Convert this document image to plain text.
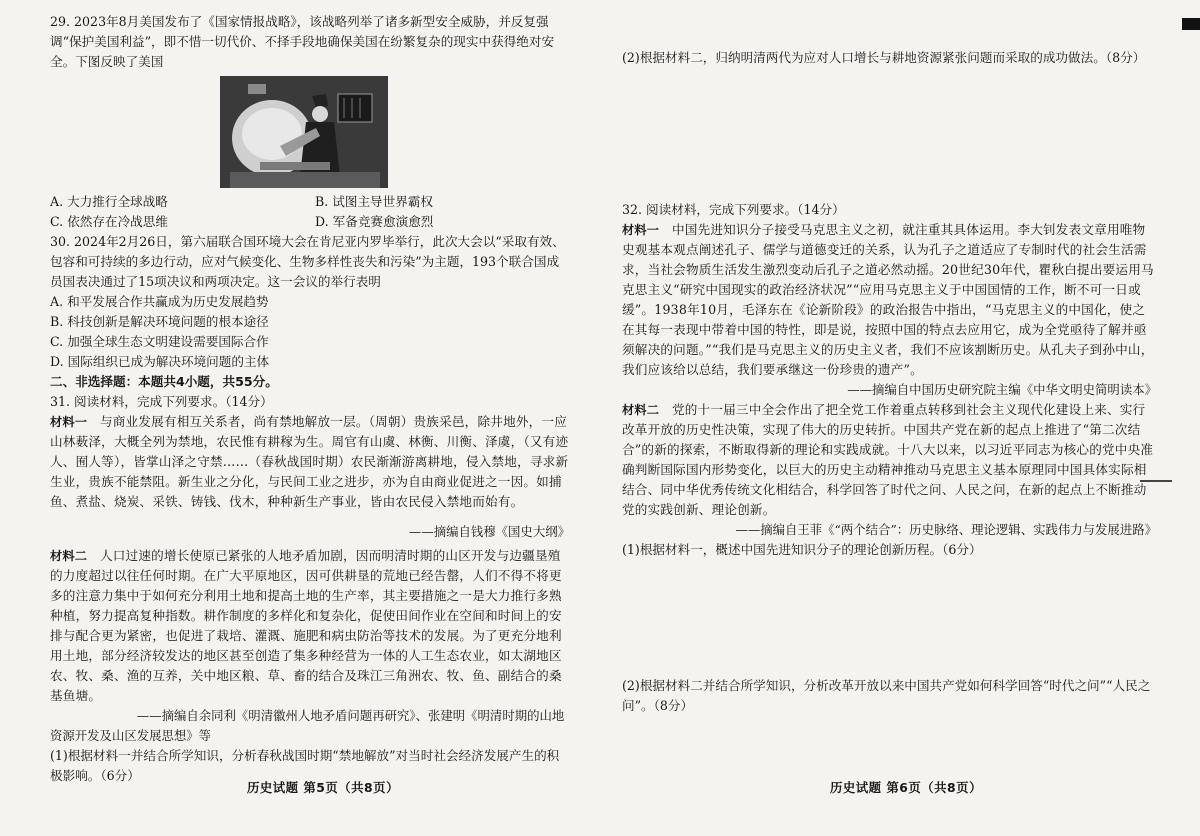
29. 2023年8月美国发布了《国家情报战略》，该战略列举了诸多新型安全威胁，并反复强调“保护美国利益”，即不惜一切代价、不择手段地确保美国在纷繁复杂的现实中获得绝对安全。下图反映了美国

A. 大力推行全球战略	B. 试图主导世界霸权
C. 依然存在冷战思维	D. 军备竞赛愈演愈烈

30. 2024年2月26日，第六届联合国环境大会在肯尼亚内罗毕举行，此次大会以“采取有效、包容和可持续的多边行动，应对气候变化、生物多样性丧失和污染”为主题，193个联合国成员国表决通过了15项决议和两项决定。这一会议的举行表明

A. 和平发展合作共赢成为历史发展趋势
B. 科技创新是解决环境问题的根本途径
C. 加强全球生态文明建设需要国际合作
D. 国际组织已成为解决环境问题的主体

二、非选择题：本题共4小题，共55分。

31. 阅读材料，完成下列要求。（14分）

材料一　 与商业发展有相互关系者，尚有禁地解放一层。（周朝）贵族采邑，除井地外，一应山林薮泽，大概全列为禁地，农民惟有耕稼为生。周官有山虞、林衡、川衡、泽虞，（又有迹人、囿人等），皆掌山泽之守禁……（春秋战国时期）农民渐渐游离耕地，侵入禁地，寻求新生业，贵族不能禁阻。新生业之分化，与民间工业之进步，亦为自由商业促进之一因。如捕鱼、煮盐、烧炭、采铁、铸钱、伐木，种种新生产事业，皆由农民侵入禁地而始有。

——摘编自钱穆《国史大纲》

材料二　 人口过速的增长使原已紧张的人地矛盾加剧，因而明清时期的山区开发与边疆垦殖的力度超过以往任何时期。在广大平原地区，因可供耕垦的荒地已经告罄，人们不得不将更多的注意力集中于如何充分利用土地和提高土地的生产率，其主要措施之一是大力推行多熟种植，努力提高复种指数。耕作制度的多样化和复杂化，促使田间作业在空间和时间上的安排与配合更为紧密，也促进了栽培、灌溉、施肥和病虫防治等技术的发展。为了更充分地利用土地，部分经济较发达的地区甚至创造了集多种经营为一体的人工生态农业，如太湖地区农、牧、桑、渔的互养，关中地区粮、草、畜的结合及珠江三角洲农、牧、鱼、副结合的桑基鱼塘。

——摘编自余同利《明清徽州人地矛盾问题再研究》、张建明《明清时期的山地资源开发及山区发展思想》等

(1)根据材料一并结合所学知识，分析春秋战国时期“禁地解放”对当时社会经济发展产生的积极影响。（6分）

历史试题 第5页（共8页）

(2)根据材料二，归纳明清两代为应对人口增长与耕地资源紧张问题而采取的成功做法。（8分）

32. 阅读材料，完成下列要求。（14分）

材料一　 中国先进知识分子接受马克思主义之初，就注重其具体运用。李大钊发表文章用唯物史观基本观点阐述孔子、儒学与道德变迁的关系，认为孔子之道适应了专制时代的社会生活需求，当社会物质生活发生激烈变动后孔子之道必然动摇。20世纪30年代，瞿秋白提出要运用马克思主义“研究中国现实的政治经济状况”“应用马克思主义于中国国情的工作，断不可一日或缓”。1938年10月，毛泽东在《论新阶段》的政治报告中指出，“马克思主义的中国化，使之在其每一表现中带着中国的特性，即是说，按照中国的特点去应用它，成为全党亟待了解并亟须解决的问题。”“我们是马克思主义的历史主义者，我们不应该割断历史。从孔夫子到孙中山，我们应该给以总结，我们要承继这一份珍贵的遗产”。

——摘编自中国历史研究院主编《中华文明史简明读本》

材料二　 党的十一届三中全会作出了把全党工作着重点转移到社会主义现代化建设上来、实行改革开放的历史性决策，实现了伟大的历史转折。中国共产党在新的起点上推进了“第二次结合”的新的探索，不断取得新的理论和实践成就。十八大以来，以习近平同志为核心的党中央准确判断国际国内形势变化，以巨大的历史主动精神推动马克思主义基本原理同中国具体实际相结合、同中华优秀传统文化相结合，科学回答了时代之问、人民之问，在新的起点上不断推动党的实践创新、理论创新。

——摘编自王菲《“两个结合”：历史脉络、理论逻辑、实践伟力与发展进路》

(1)根据材料一，概述中国先进知识分子的理论创新历程。（6分）

(2)根据材料二并结合所学知识，分析改革开放以来中国共产党如何科学回答“时代之问”“人民之问”。（8分）

历史试题 第6页（共8页）
